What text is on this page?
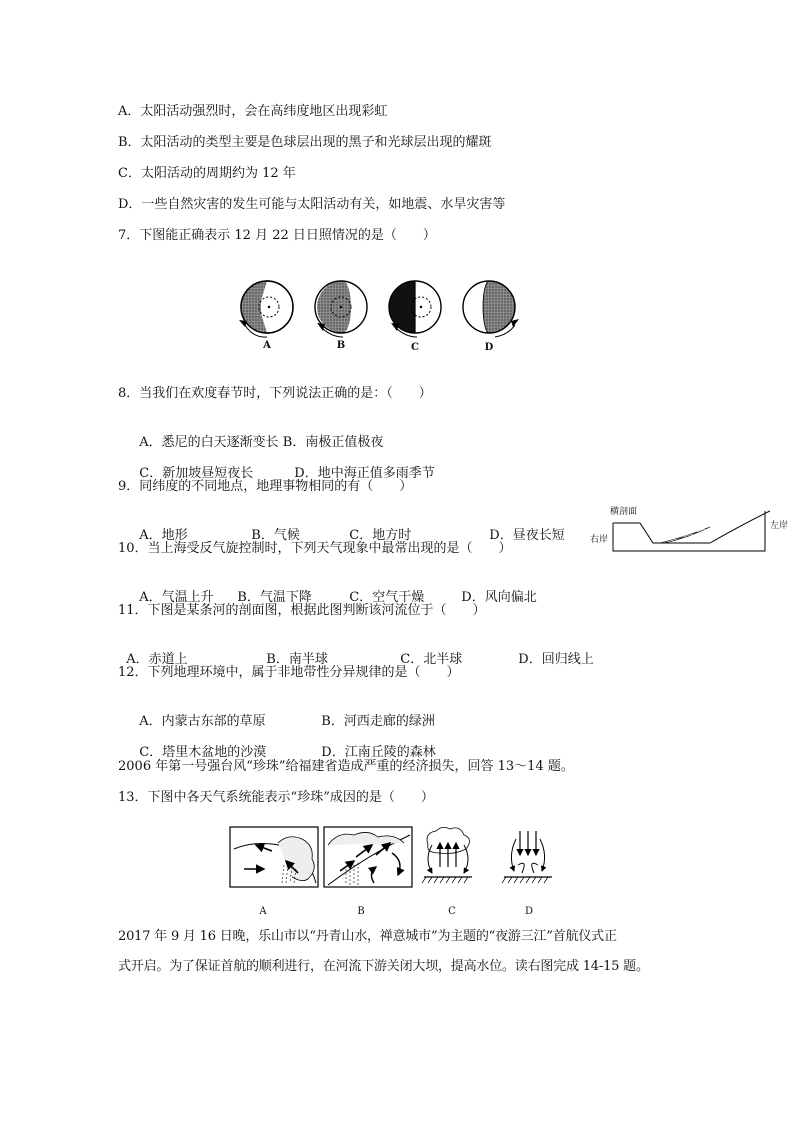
A．太阳活动强烈时，会在高纬度地区出现彩虹
B．太阳活动的类型主要是色球层出现的黑子和光球层出现的耀斑
C．太阳活动的周期约为 12 年
D．一些自然灾害的发生可能与太阳活动有关，如地震、水旱灾害等
7．下图能正确表示 12 月 22 日日照情况的是（　　）
A	B	C	D
8．当我们在欢度春节时，下列说法正确的是：（　　）

A．悉尼的白天逐渐变长 B．南极正值极夜

C．新加坡昼短夜长	D．地中海正值多雨季节

9．同纬度的不同地点，地理事物相同的有（　　）

A．地形	B．气候	C．地方时	D．昼夜长短

横剖面
右岸
左岸
10．当上海受反气旋控制时，下列天气现象中最常出现的是（　　）

A．气温上升 B．气温下降	C．空气干燥	D．风向偏北

11．下图是某条河的剖面图，根据此图判断该河流位于（　　）

A．赤道上	B．南半球	C．北半球	D．回归线上

12．下列地理环境中，属于非地带性分异规律的是（　　）

A．内蒙古东部的草原	B．河西走廊的绿洲

C．塔里木盆地的沙漠	D．江南丘陵的森林

2006 年第一号强台风“珍珠”给福建省造成严重的经济损失，回答 13～14 题。
13．下图中各天气系统能表示“珍珠”成因的是（　　）
A	B	C	D
2017 年 9 月 16 日晚，乐山市以“丹青山水，禅意城市”为主题的“夜游三江”首航仪式正
式开启。为了保证首航的顺利进行，在河流下游关闭大坝，提高水位。读右图完成 14-15 题。
